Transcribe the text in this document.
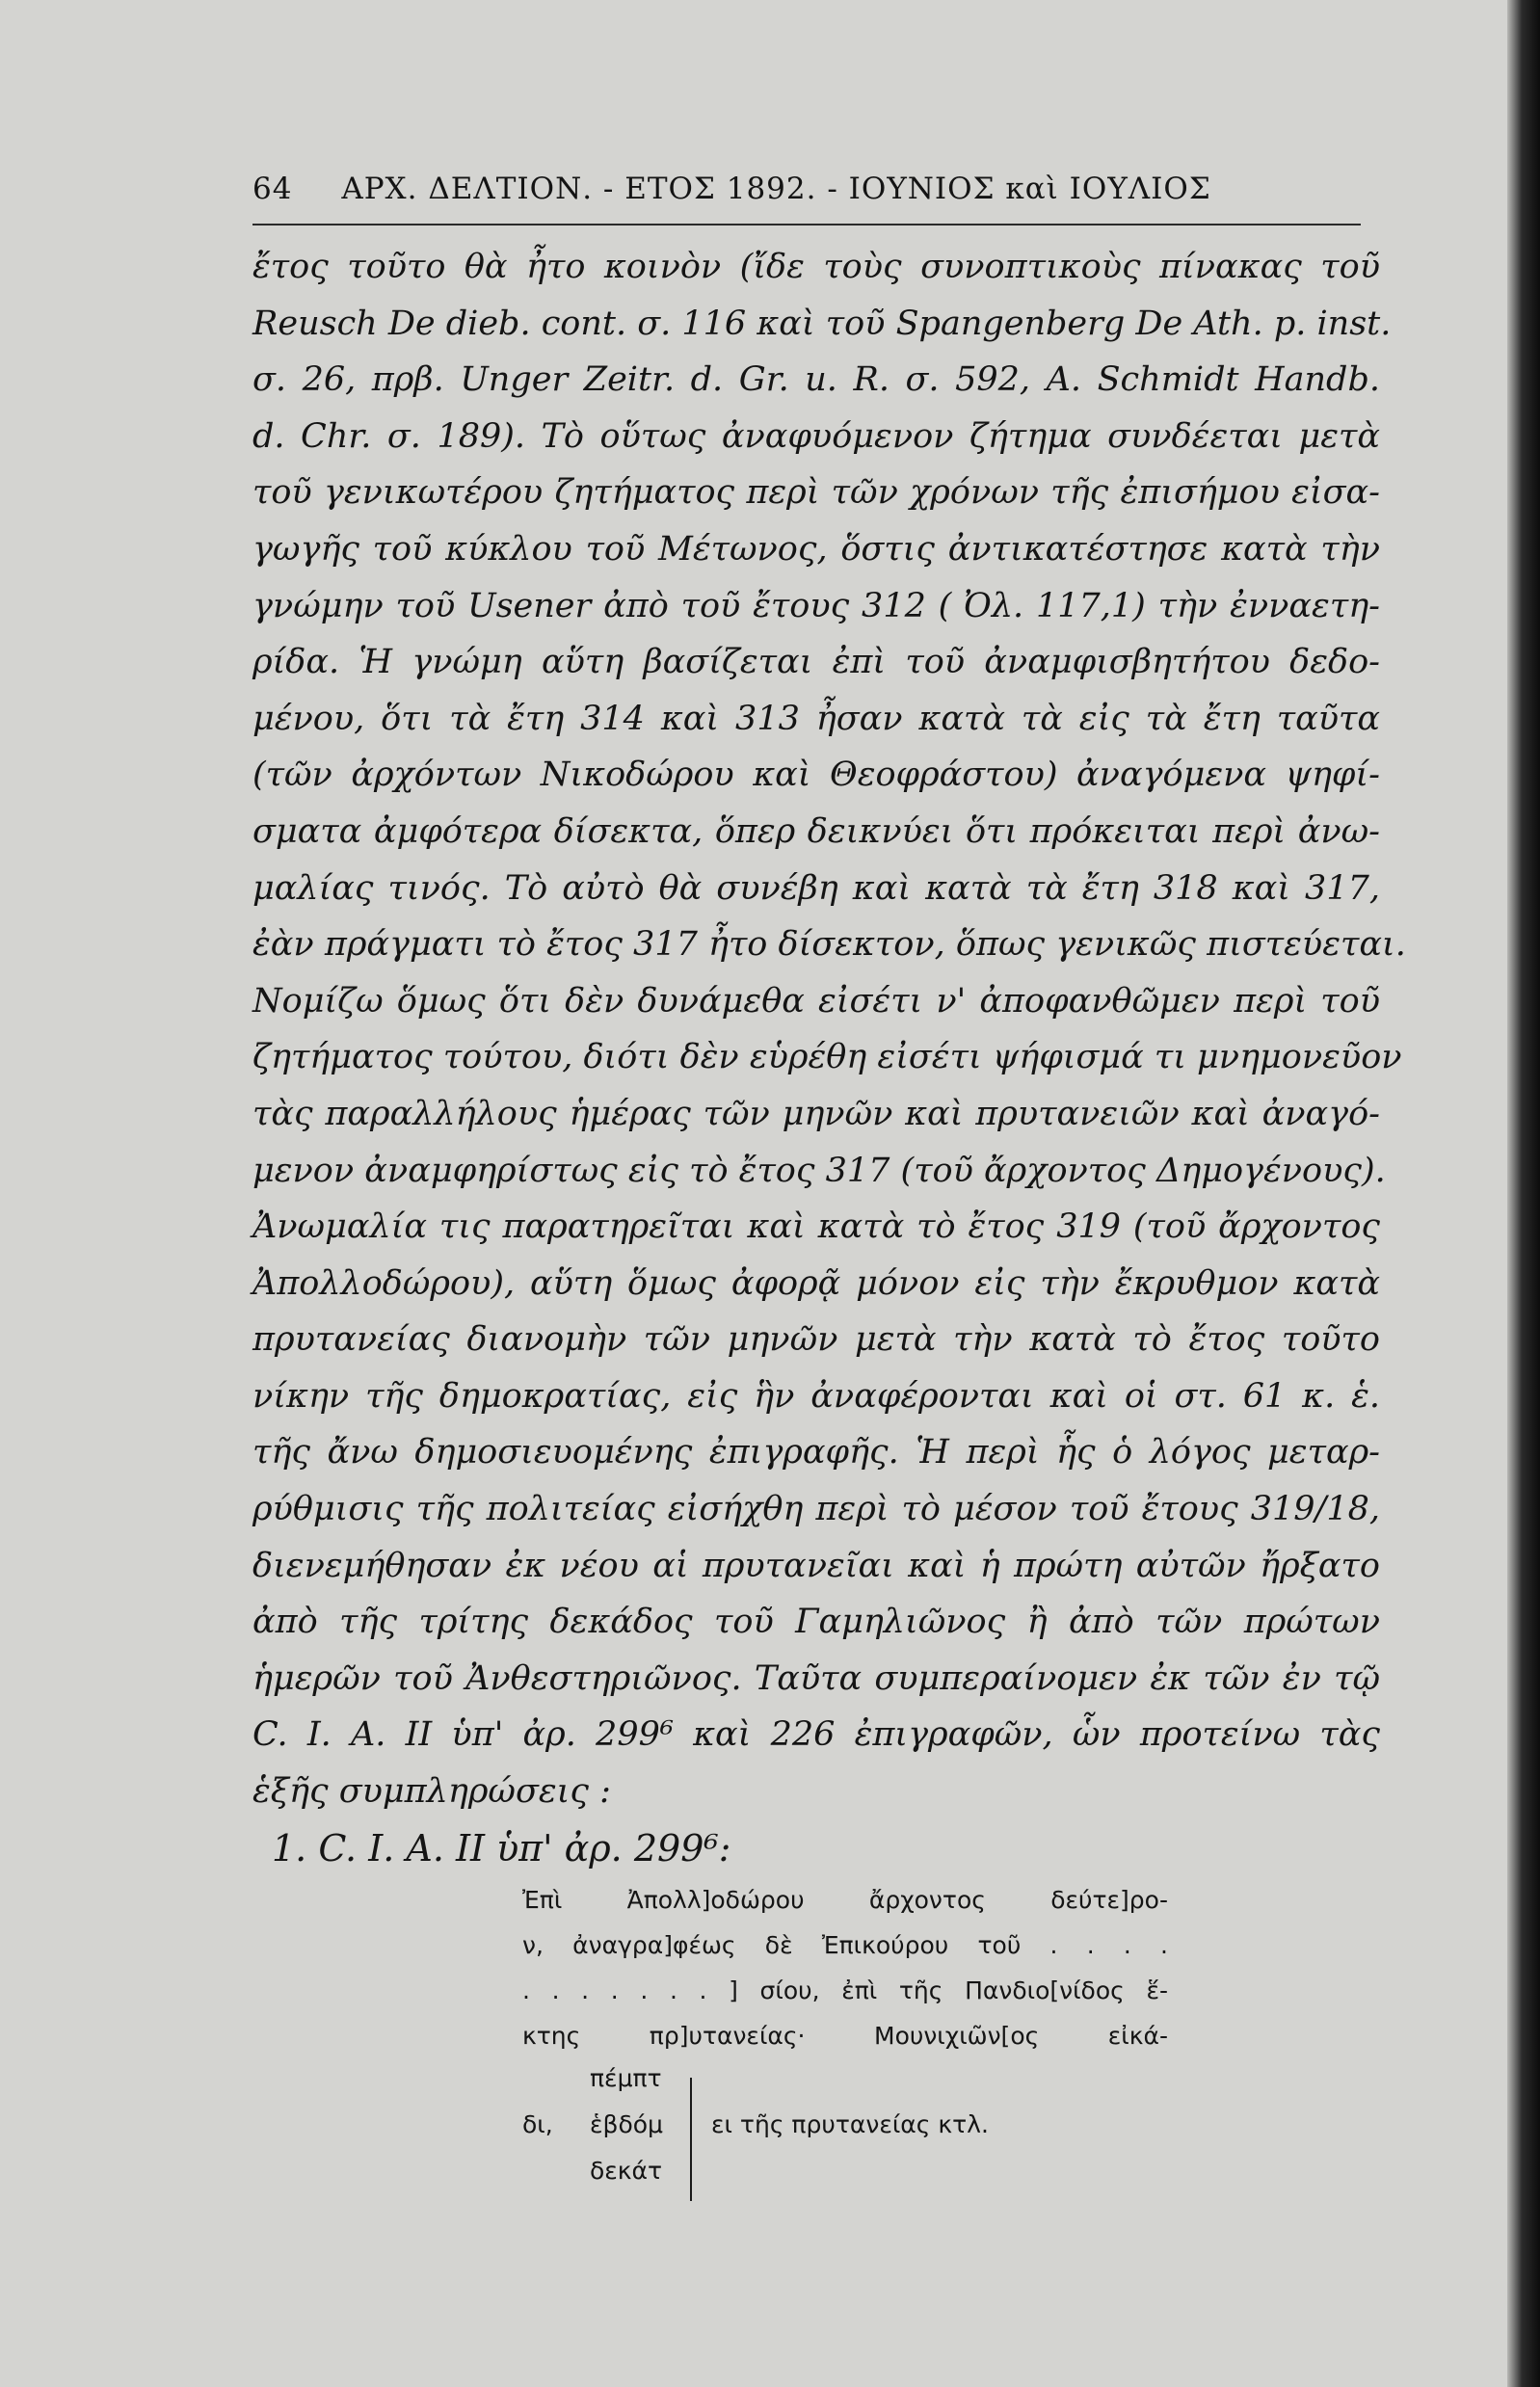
64 ΑΡΧ. ΔΕΛΤΙΟΝ. - ΕΤΟΣ 1892. - ΙΟΥΝΙΟΣ καὶ ΙΟΥΛΙΟΣ
ἔτος τοῦτο θὰ ἦτο κοινὸν (ἴδε τοὺς συνοπτικοὺς πίνακας τοῦ
Reusch De dieb. cont. σ. 116 καὶ τοῦ Spangenberg De Ath. p. inst.
σ. 26, πρβ. Unger Zeitr. d. Gr. u. R. σ. 592, A. Schmidt Handb.
d. Chr. σ. 189). Τὸ οὕτως ἀναφυόμενον ζήτημα συνδέεται μετὰ
τοῦ γενικωτέρου ζητήματος περὶ τῶν χρόνων τῆς ἐπισήμου εἰσα-
γωγῆς τοῦ κύκλου τοῦ Μέτωνος, ὅστις ἀντικατέστησε κατὰ τὴν
γνώμην τοῦ Usener ἀπὸ τοῦ ἔτους 312 ( Ὀλ. 117,1) τὴν ἐνναετη-
ρίδα. Ἡ γνώμη αὕτη βασίζεται ἐπὶ τοῦ ἀναμφισβητήτου δεδο-
μένου, ὅτι τὰ ἔτη 314 καὶ 313 ἦσαν κατὰ τὰ εἰς τὰ ἔτη ταῦτα
(τῶν ἀρχόντων Νικοδώρου καὶ Θεοφράστου) ἀναγόμενα ψηφί-
σματα ἀμφότερα δίσεκτα, ὅπερ δεικνύει ὅτι πρόκειται περὶ ἀνω-
μαλίας τινός. Τὸ αὐτὸ θὰ συνέβη καὶ κατὰ τὰ ἔτη 318 καὶ 317,
ἐὰν πράγματι τὸ ἔτος 317 ἦτο δίσεκτον, ὅπως γενικῶς πιστεύεται.
Νομίζω ὅμως ὅτι δὲν δυνάμεθα εἰσέτι ν' ἀποφανθῶμεν περὶ τοῦ
ζητήματος τούτου, διότι δὲν εὑρέθη εἰσέτι ψήφισμά τι μνημονεῦον
τὰς παραλλήλους ἡμέρας τῶν μηνῶν καὶ πρυτανειῶν καὶ ἀναγό-
μενον ἀναμφηρίστως εἰς τὸ ἔτος 317 (τοῦ ἄρχοντος Δημογένους).
Ἀνωμαλία τις παρατηρεῖται καὶ κατὰ τὸ ἔτος 319 (τοῦ ἄρχοντος
Ἀπολλοδώρου), αὕτη ὅμως ἀφορᾷ μόνον εἰς τὴν ἔκρυθμον κατὰ
πρυτανείας διανομὴν τῶν μηνῶν μετὰ τὴν κατὰ τὸ ἔτος τοῦτο
νίκην τῆς δημοκρατίας, εἰς ἣν ἀναφέρονται καὶ οἱ στ. 61 κ. ἑ.
τῆς ἄνω δημοσιευομένης ἐπιγραφῆς. Ἡ περὶ ἧς ὁ λόγος μεταρ-
ρύθμισις τῆς πολιτείας εἰσήχθη περὶ τὸ μέσον τοῦ ἔτους 319/18,
διενεμήθησαν ἐκ νέου αἱ πρυτανεῖαι καὶ ἡ πρώτη αὐτῶν ἤρξατο
ἀπὸ τῆς τρίτης δεκάδος τοῦ Γαμηλιῶνος ἢ ἀπὸ τῶν πρώτων
ἡμερῶν τοῦ Ἀνθεστηριῶνος. Ταῦτα συμπεραίνομεν ἐκ τῶν ἐν τῷ
C. I. A. II ὑπ' ἀρ. 299⁶ καὶ 226 ἐπιγραφῶν, ὧν προτείνω τὰς
ἑξῆς συμπληρώσεις :
1. C. I. A. II ὑπ' ἀρ. 299⁶:
Ἐπὶ Ἀπολλ]οδώρου ἄρχοντος δεύτε]ρο-
ν, ἀναγρα]φέως δὲ Ἐπικούρου τοῦ . . . .
. . . . . . . ] σίου, ἐπὶ τῆς Πανδιο[νίδος ἕ-
κτης πρ]υτανείας· Μουνιχιῶν[ος εἰκά-
πέμπτ
δι, ἑβδόμ
δεκάτ
ει τῆς πρυτανείας κτλ.
